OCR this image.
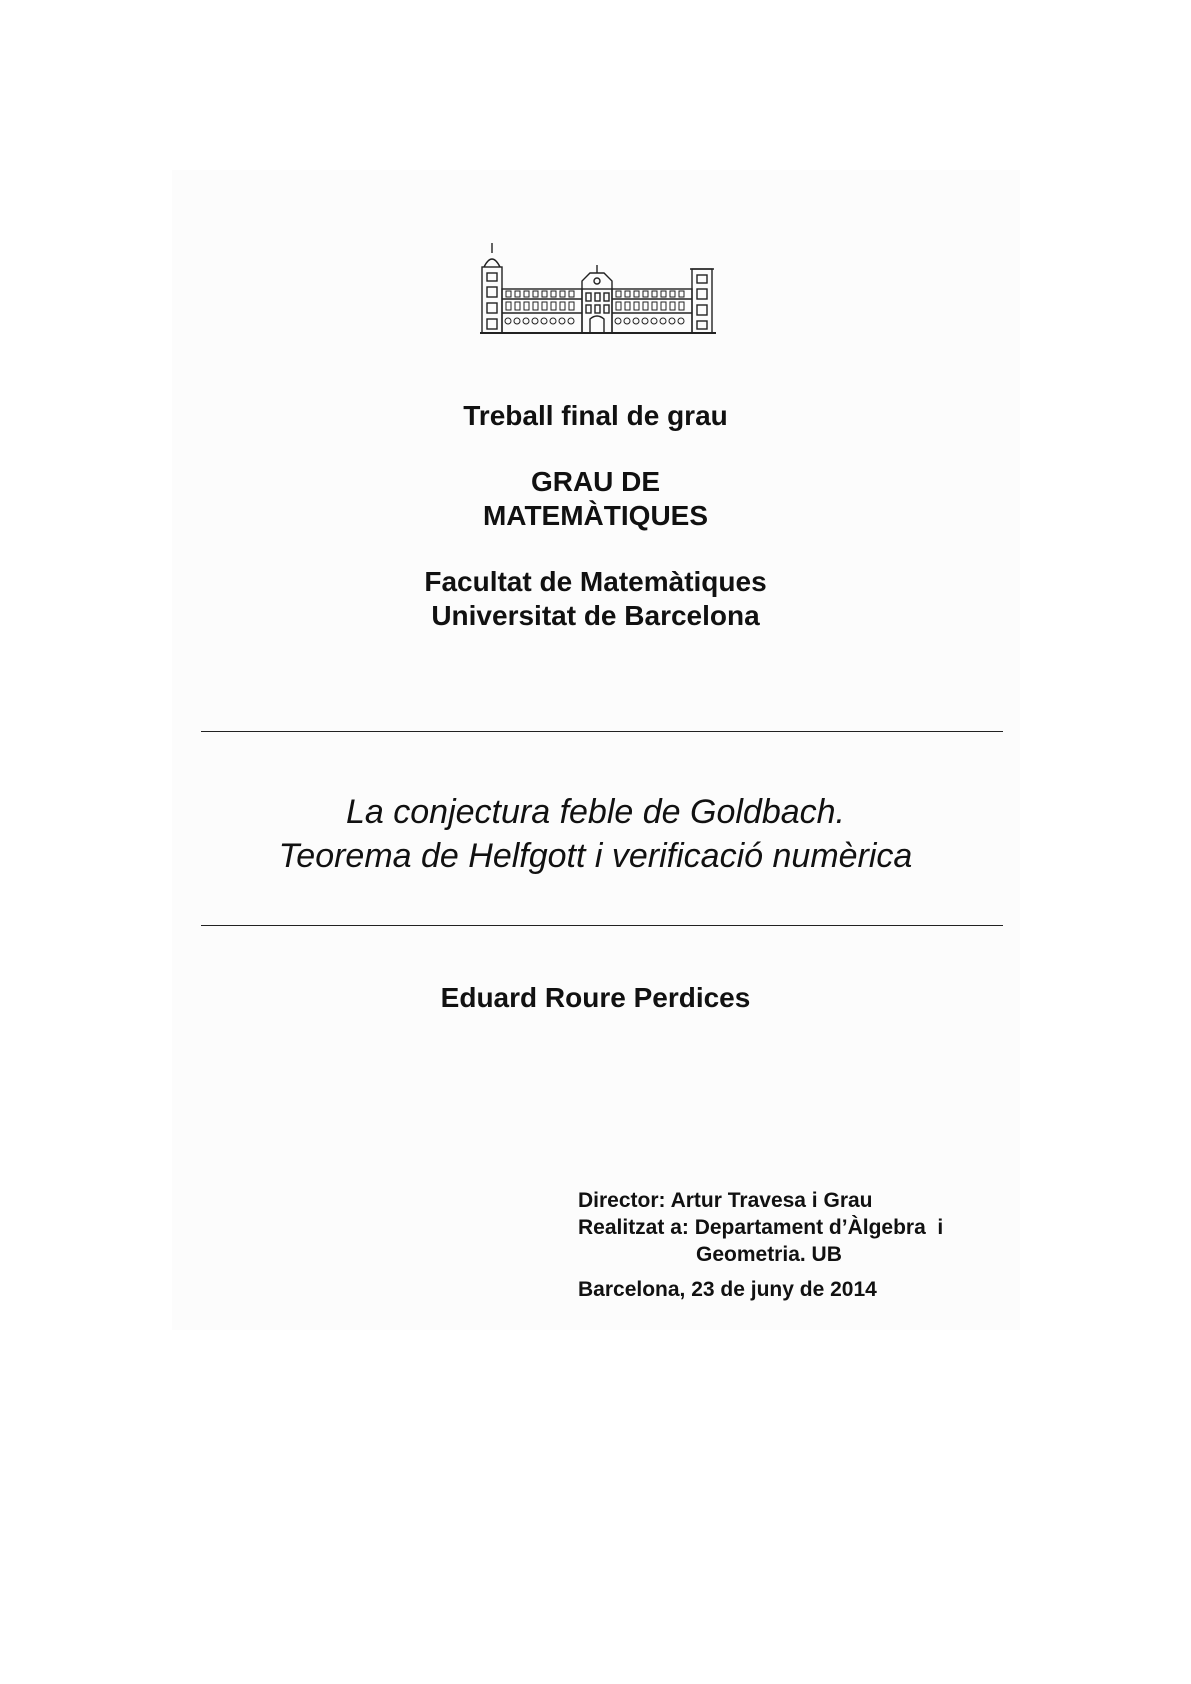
Treball final de grau
GRAU DE
MATEMÀTIQUES
Facultat de Matemàtiques
Universitat de Barcelona
La conjectura feble de Goldbach.
Teorema de Helfgott i verificació numèrica
Eduard Roure Perdices
Director: Artur Travesa i Grau
Realitzat a: Departament d’Àlgebra  i
Geometria. UB
Barcelona, 23 de juny de 2014
